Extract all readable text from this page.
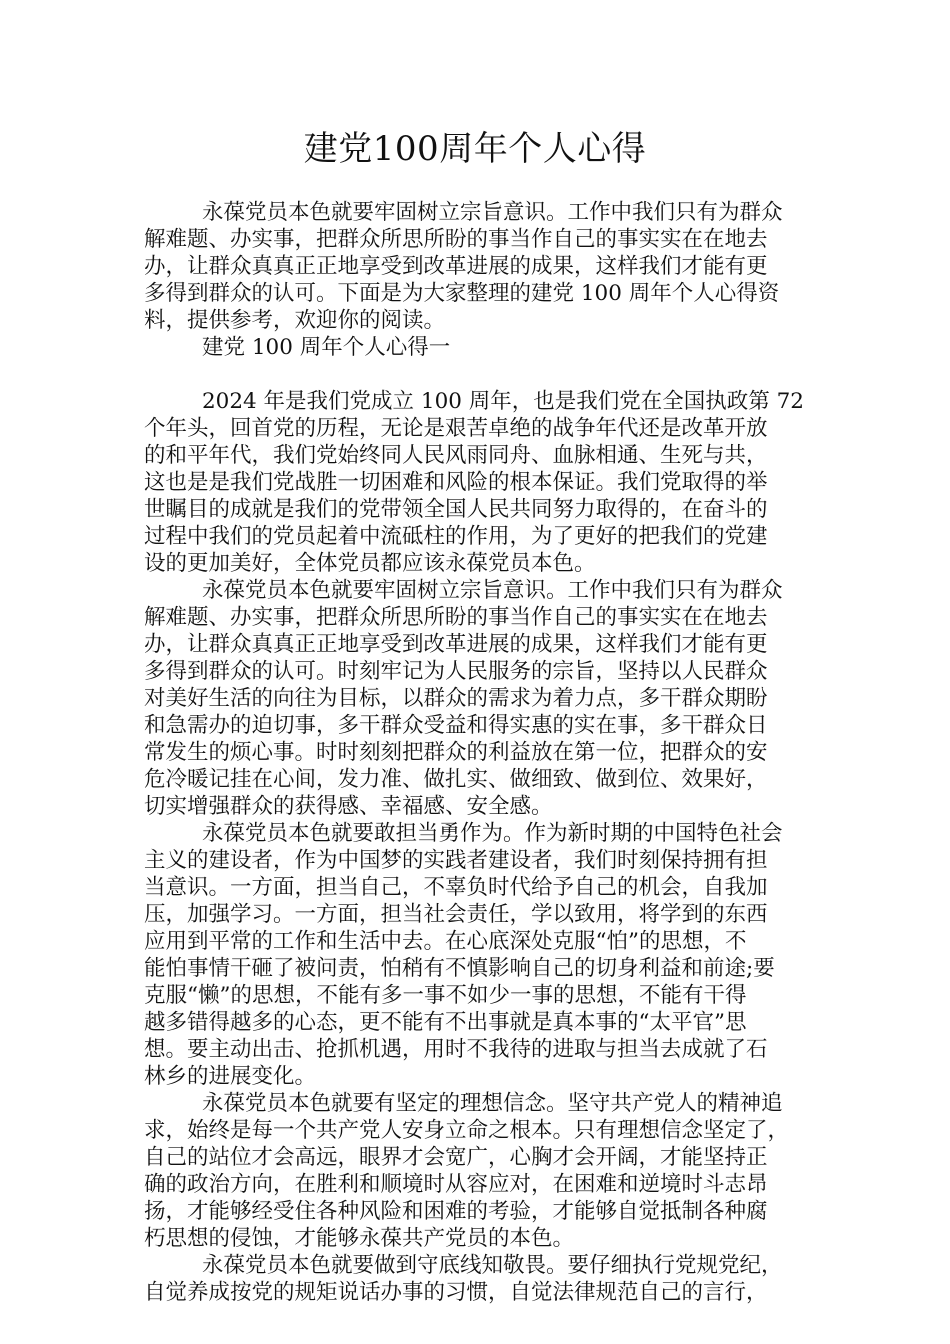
建党100周年个人心得
永葆党员本色就要牢固树立宗旨意识。工作中我们只有为群众
解难题、办实事，把群众所思所盼的事当作自己的事实实在在地去
办，让群众真真正正地享受到改革进展的成果，这样我们才能有更
多得到群众的认可。下面是为大家整理的建党 100 周年个人心得资
料，提供参考，欢迎你的阅读。
建党 100 周年个人心得一
2024 年是我们党成立 100 周年，也是我们党在全国执政第 72
个年头，回首党的历程，无论是艰苦卓绝的战争年代还是改革开放
的和平年代，我们党始终同人民风雨同舟、血脉相通、生死与共，
这也是是我们党战胜一切困难和风险的根本保证。我们党取得的举
世瞩目的成就是我们的党带领全国人民共同努力取得的，在奋斗的
过程中我们的党员起着中流砥柱的作用，为了更好的把我们的党建
设的更加美好，全体党员都应该永葆党员本色。
永葆党员本色就要牢固树立宗旨意识。工作中我们只有为群众
解难题、办实事，把群众所思所盼的事当作自己的事实实在在地去
办，让群众真真正正地享受到改革进展的成果，这样我们才能有更
多得到群众的认可。时刻牢记为人民服务的宗旨，坚持以人民群众
对美好生活的向往为目标，以群众的需求为着力点，多干群众期盼
和急需办的迫切事，多干群众受益和得实惠的实在事，多干群众日
常发生的烦心事。时时刻刻把群众的利益放在第一位，把群众的安
危冷暖记挂在心间，发力准、做扎实、做细致、做到位、效果好，
切实增强群众的获得感、幸福感、安全感。
永葆党员本色就要敢担当勇作为。作为新时期的中国特色社会
主义的建设者，作为中国梦的实践者建设者，我们时刻保持拥有担
当意识。一方面，担当自己，不辜负时代给予自己的机会，自我加
压，加强学习。一方面，担当社会责任，学以致用，将学到的东西
应用到平常的工作和生活中去。在心底深处克服“怕”的思想，不
能怕事情干砸了被问责，怕稍有不慎影响自己的切身利益和前途;要
克服“懒”的思想，不能有多一事不如少一事的思想，不能有干得
越多错得越多的心态，更不能有不出事就是真本事的“太平官”思
想。要主动出击、抢抓机遇，用时不我待的进取与担当去成就了石
林乡的进展变化。
永葆党员本色就要有坚定的理想信念。坚守共产党人的精神追
求，始终是每一个共产党人安身立命之根本。只有理想信念坚定了，
自己的站位才会高远，眼界才会宽广，心胸才会开阔，才能坚持正
确的政治方向，在胜利和顺境时从容应对，在困难和逆境时斗志昂
扬，才能够经受住各种风险和困难的考验，才能够自觉抵制各种腐
朽思想的侵蚀，才能够永葆共产党员的本色。
永葆党员本色就要做到守底线知敬畏。要仔细执行党规党纪，
自觉养成按党的规矩说话办事的习惯，自觉法律规范自己的言行，
